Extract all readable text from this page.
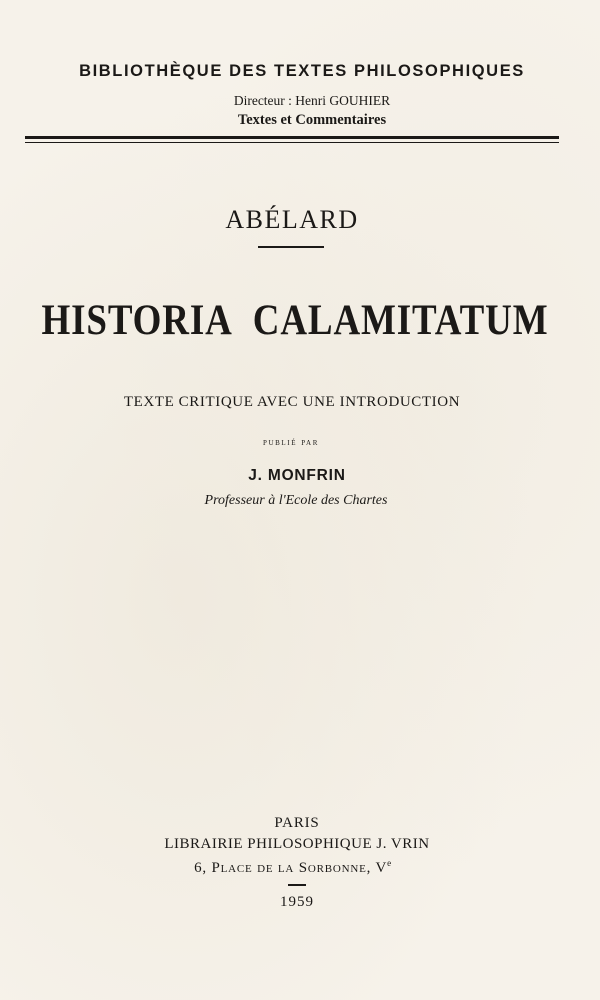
BIBLIOTHÈQUE DES TEXTES PHILOSOPHIQUES
Directeur : Henri GOUHIER
Textes et Commentaires
ABÉLARD
HISTORIA CALAMITATUM
TEXTE CRITIQUE AVEC UNE INTRODUCTION
publié par
J. MONFRIN
Professeur à l'Ecole des Chartes
PARIS
LIBRAIRIE PHILOSOPHIQUE J. VRIN
6, Place de la Sorbonne, Ve
1959
